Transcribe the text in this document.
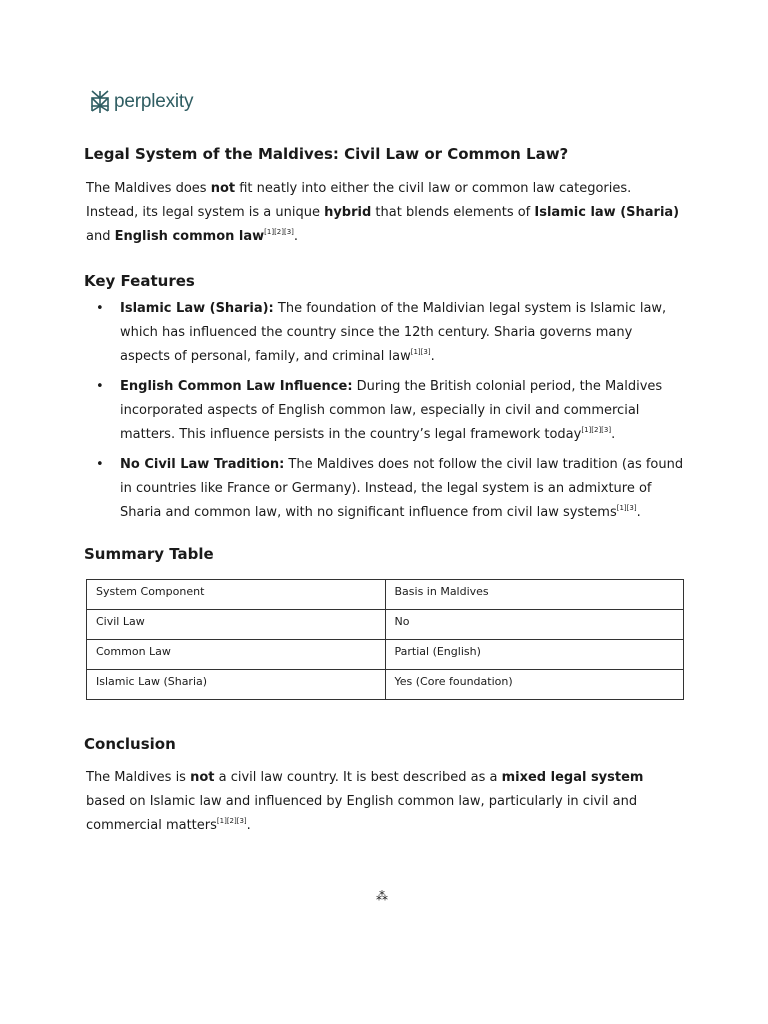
perplexity
Legal System of the Maldives: Civil Law or Common Law?

The Maldives does not fit neatly into either the civil law or common law categories. Instead, its legal system is a unique hybrid that blends elements of Islamic law (Sharia) and English common law[1][2][3].

Key Features
• Islamic Law (Sharia): The foundation of the Maldivian legal system is Islamic law, which has influenced the country since the 12th century. Sharia governs many aspects of personal, family, and criminal law[1][3].
• English Common Law Influence: During the British colonial period, the Maldives incorporated aspects of English common law, especially in civil and commercial matters. This influence persists in the country’s legal framework today[1][2][3].
• No Civil Law Tradition: The Maldives does not follow the civil law tradition (as found in countries like France or Germany). Instead, the legal system is an admixture of Sharia and common law, with no significant influence from civil law systems[1][3].
Summary Table
System Component	Basis in Maldives
Civil Law	No
Common Law	Partial (English)
Islamic Law (Sharia)	Yes (Core foundation)
Conclusion

The Maldives is not a civil law country. It is best described as a mixed legal system based on Islamic law and influenced by English common law, particularly in civil and commercial matters[1][2][3].

⁂
